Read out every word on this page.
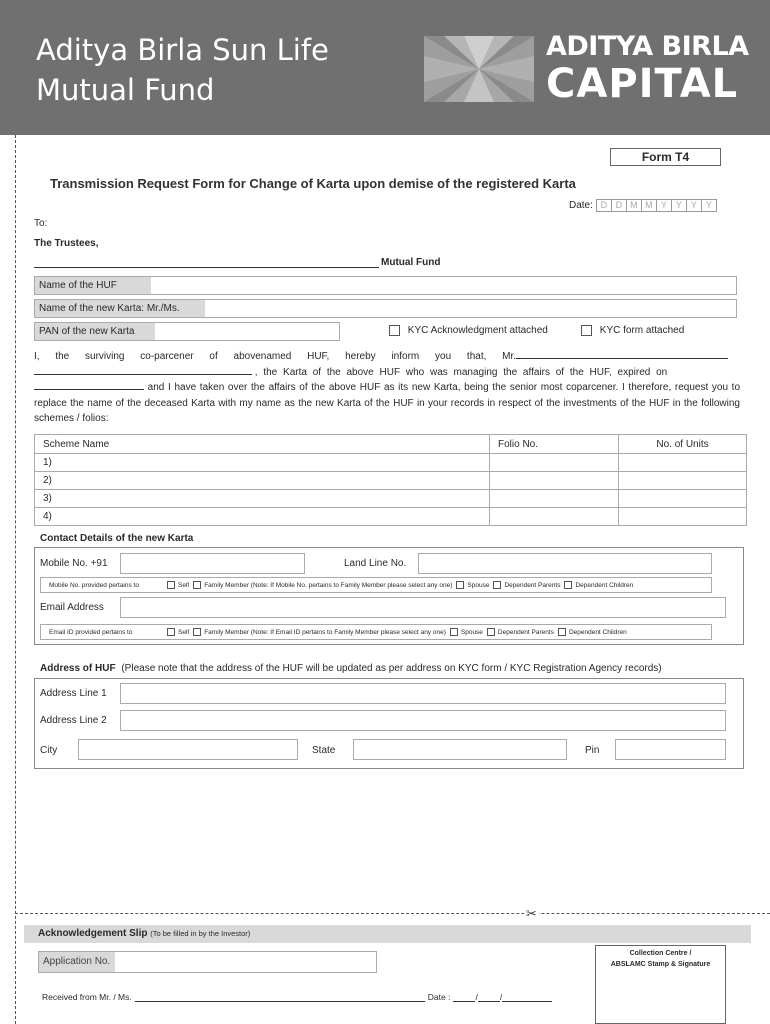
Aditya Birla Sun Life
Mutual Fund
ADITYA BIRLA
CAPITAL
Form T4
Transmission Request Form for Change of Karta upon demise of the registered Karta
Date: D D M M Y Y Y Y
To:
The Trustees,
Mutual Fund
Name of the HUF
Name of the new Karta: Mr./Ms.
PAN of the new Karta	KYC Acknowledgment attached	KYC form attached
I, the surviving co-parcener of abovenamed HUF, hereby inform you that, Mr.
, the Karta of the above HUF who was managing the affairs of the HUF, expired on
and I have taken over the affairs of the above HUF as its new Karta, being the senior most coparcener. I therefore, request you to replace the name of the deceased Karta with my name as the new Karta of the HUF in your records in respect of the investments of the HUF in the following schemes / folios:
Scheme Name	Folio No.	No. of Units
1)		
2)		
3)		
4)		
Contact Details of the new Karta
Mobile No. +91	Land Line No.
Mobile No. provided pertains to	Self Family Member (Note: If Mobile No. pertains to Family Member please select any one) Spouse Dependent Parents Dependent Children
Email Address
Email ID provided pertains to	Self Family Member (Note: If Email ID pertains to Family Member please select any one) Spouse Dependent Parents Dependent Children
Address of HUF (Please note that the address of the HUF will be updated as per address on KYC form / KYC Registration Agency records)
Address Line 1
Address Line 2
City	State	Pin
✂
Acknowledgement Slip (To be filled in by the Investor)
Application No.
Received from Mr. / Ms.	Date :	/	/
Collection Centre /
ABSLAMC Stamp & Signature
